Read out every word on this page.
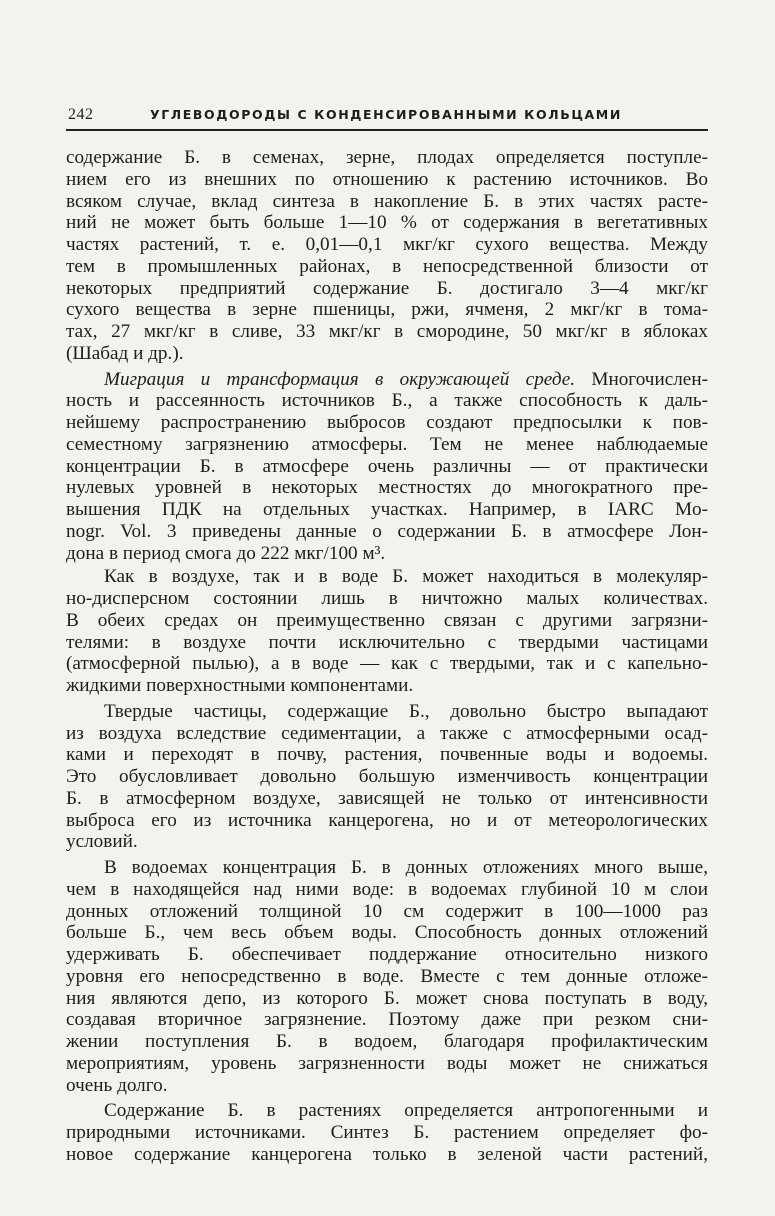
242	УГЛЕВОДОРОДЫ С КОНДЕНСИРОВАННЫМИ КОЛЬЦАМИ
содержание Б. в семенах, зерне, плодах определяется поступле-
нием его из внешних по отношению к растению источников. Во
всяком случае, вклад синтеза в накопление Б. в этих частях расте-
ний не может быть больше 1—10 % от содержания в вегетативных
частях растений, т. е. 0,01—0,1 мкг/кг сухого вещества. Между
тем в промышленных районах, в непосредственной близости от
некоторых предприятий содержание Б. достигало 3—4 мкг/кг
сухого вещества в зерне пшеницы, ржи, ячменя, 2 мкг/кг в тома-
тах, 27 мкг/кг в сливе, 33 мкг/кг в смородине, 50 мкг/кг в яблоках
(Шабад и др.).
Миграция и трансформация в окружающей среде. Многочислен-
ность и рассеянность источников Б., а также способность к даль-
нейшему распространению выбросов создают предпосылки к пов-
семестному загрязнению атмосферы. Тем не менее наблюдаемые
концентрации Б. в атмосфере очень различны — от практически
нулевых уровней в некоторых местностях до многократного пре-
вышения ПДК на отдельных участках. Например, в IARC Mo-
nogr. Vol. 3 приведены данные о содержании Б. в атмосфере Лон-
дона в период смога до 222 мкг/100 м³.
Как в воздухе, так и в воде Б. может находиться в молекуляр-
но-дисперсном состоянии лишь в ничтожно малых количествах.
В обеих средах он преимущественно связан с другими загрязни-
телями: в воздухе почти исключительно с твердыми частицами
(атмосферной пылью), а в воде — как с твердыми, так и с капельно-
жидкими поверхностными компонентами.
Твердые частицы, содержащие Б., довольно быстро выпадают
из воздуха вследствие седиментации, а также с атмосферными осад-
ками и переходят в почву, растения, почвенные воды и водоемы.
Это обусловливает довольно большую изменчивость концентрации
Б. в атмосферном воздухе, зависящей не только от интенсивности
выброса его из источника канцерогена, но и от метеорологических
условий.
В водоемах концентрация Б. в донных отложениях много выше,
чем в находящейся над ними воде: в водоемах глубиной 10 м слои
донных отложений толщиной 10 см содержит в 100—1000 раз
больше Б., чем весь объем воды. Способность донных отложений
удерживать Б. обеспечивает поддержание относительно низкого
уровня его непосредственно в воде. Вместе с тем донные отложе-
ния являются депо, из которого Б. может снова поступать в воду,
создавая вторичное загрязнение. Поэтому даже при резком сни-
жении поступления Б. в водоем, благодаря профилактическим
мероприятиям, уровень загрязненности воды может не снижаться
очень долго.
Содержание Б. в растениях определяется антропогенными и
природными источниками. Синтез Б. растением определяет фо-
новое содержание канцерогена только в зеленой части растений,
